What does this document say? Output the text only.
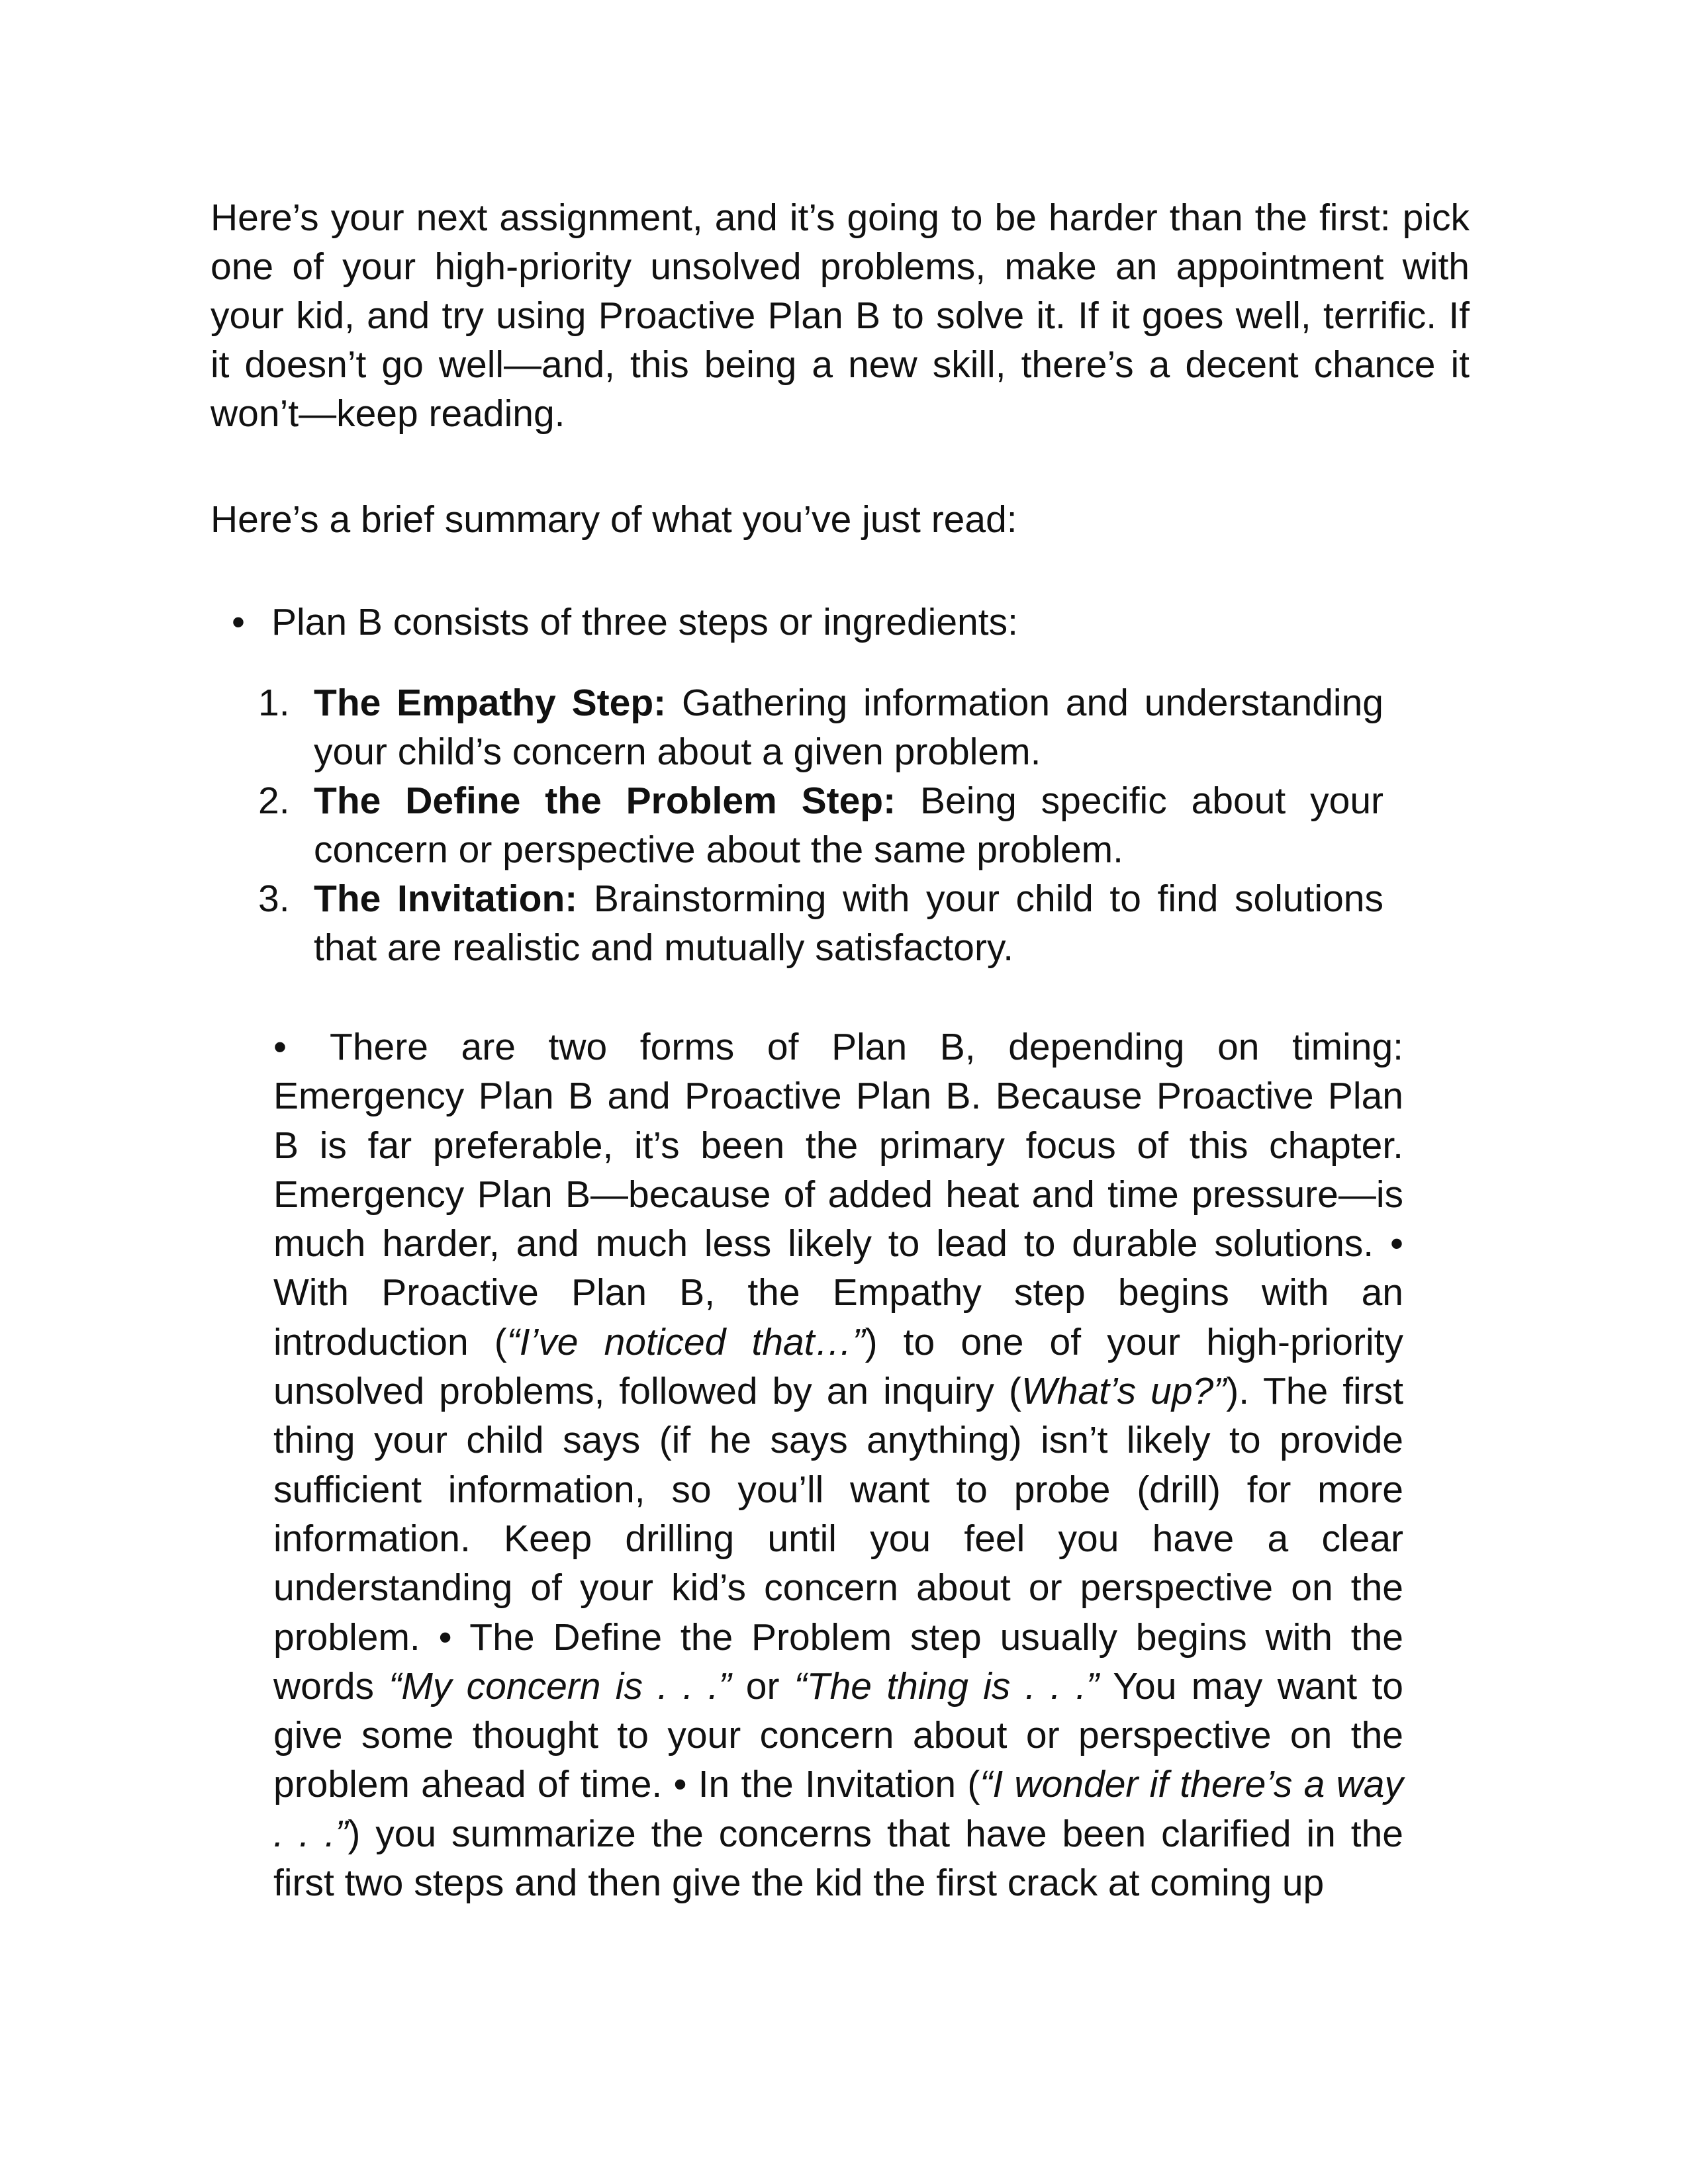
Here’s your next assignment, and it’s going to be harder than the first: pick one of your high-priority unsolved problems, make an appointment with your kid, and try using Proactive Plan B to solve it. If it goes well, terrific. If it doesn’t go well—and, this being a new skill, there’s a decent chance it won’t—keep reading.

Here’s a brief summary of what you’ve just read:

• Plan B consists of three steps or ingredients:

1. The Empathy Step: Gathering information and understanding your child’s concern about a given problem.
2. The Define the Problem Step: Being specific about your concern or perspective about the same problem.
3. The Invitation: Brainstorming with your child to find solutions that are realistic and mutually satisfactory.

• There are two forms of Plan B, depending on timing: Emergency Plan B and Proactive Plan B. Because Proactive Plan B is far preferable, it’s been the primary focus of this chapter. Emergency Plan B—because of added heat and time pressure—is much harder, and much less likely to lead to durable solutions. • With Proactive Plan B, the Empathy step begins with an introduction (“I’ve noticed that…”) to one of your high-priority unsolved problems, followed by an inquiry (What’s up?”). The first thing your child says (if he says anything) isn’t likely to provide sufficient information, so you’ll want to probe (drill) for more information. Keep drilling until you feel you have a clear understanding of your kid’s concern about or perspective on the problem. • The Define the Problem step usually begins with the words “My concern is . . .” or “The thing is . . .” You may want to give some thought to your concern about or perspective on the problem ahead of time. • In the Invitation (“I wonder if there’s a way . . .”) you summarize the concerns that have been clarified in the first two steps and then give the kid the first crack at coming up
